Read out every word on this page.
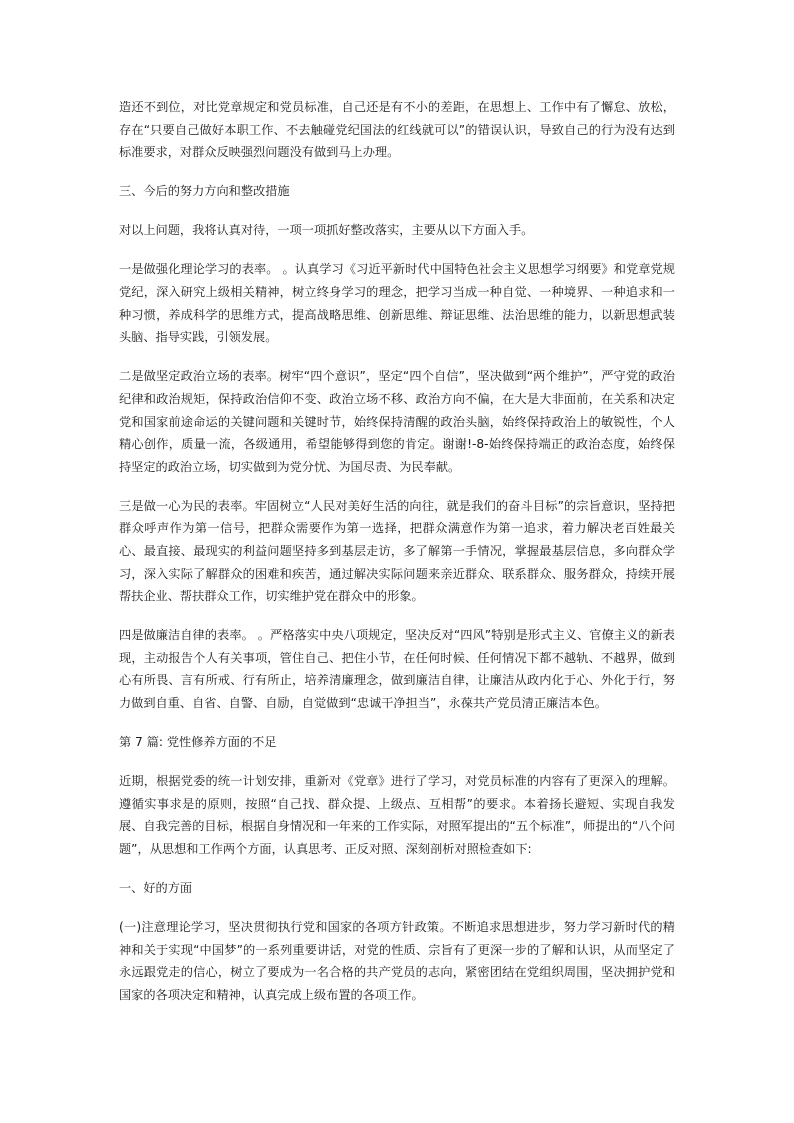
造还不到位，对比党章规定和党员标准，自己还是有不小的差距，在思想上、工作中有了懈怠、放松，存在“只要自己做好本职工作、不去触碰党纪国法的红线就可以”的错误认识，导致自己的行为没有达到标准要求，对群众反映强烈问题没有做到马上办理。

三、今后的努力方向和整改措施

对以上问题，我将认真对待，一项一项抓好整改落实，主要从以下方面入手。

一是做强化理论学习的表率。 。认真学习《习近平新时代中国特色社会主义思想学习纲要》和党章党规党纪，深入研究上级相关精神，树立终身学习的理念，把学习当成一种自觉、一种境界、一种追求和一种习惯，养成科学的思维方式，提高战略思维、创新思维、辩证思维、法治思维的能力，以新思想武装头脑、指导实践，引领发展。

二是做坚定政治立场的表率。树牢“四个意识”，坚定“四个自信”，坚决做到“两个维护”，严守党的政治纪律和政治规矩，保持政治信仰不变、政治立场不移、政治方向不偏，在大是大非面前，在关系和决定党和国家前途命运的关键问题和关键时节，始终保持清醒的政治头脑，始终保持政治上的敏锐性，个人精心创作，质量一流，各级通用，希望能够得到您的肯定。谢谢!-8-始终保持端正的政治态度，始终保持坚定的政治立场，切实做到为党分忧、为国尽责、为民奉献。

三是做一心为民的表率。牢固树立“人民对美好生活的向往，就是我们的奋斗目标”的宗旨意识，坚持把群众呼声作为第一信号，把群众需要作为第一选择，把群众满意作为第一追求，着力解决老百姓最关心、最直接、最现实的利益问题坚持多到基层走访，多了解第一手情况，掌握最基层信息，多向群众学习，深入实际了解群众的困难和疾苦，通过解决实际问题来亲近群众、联系群众、服务群众，持续开展帮扶企业、帮扶群众工作，切实维护党在群众中的形象。

四是做廉洁自律的表率。 。严格落实中央八项规定，坚决反对“四风”特别是形式主义、官僚主义的新表现，主动报告个人有关事项，管住自己、把住小节，在任何时候、任何情况下都不越轨、不越界，做到心有所畏、言有所戒、行有所止，培养清廉理念，做到廉洁自律，让廉洁从政内化于心、外化于行，努力做到自重、自省、自警、自励，自觉做到“忠诚干净担当”，永葆共产党员清正廉洁本色。

第 7 篇: 党性修养方面的不足

近期，根据党委的统一计划安排，重新对《党章》进行了学习，对党员标准的内容有了更深入的理解。遵循实事求是的原则，按照“自己找、群众提、上级点、互相帮”的要求。本着扬长避短、实现自我发展、自我完善的目标，根据自身情况和一年来的工作实际，对照军提出的“五个标准”，师提出的“八个问题”，从思想和工作两个方面，认真思考、正反对照、深刻剖析对照检查如下:

一、好的方面

(一)注意理论学习，坚决贯彻执行党和国家的各项方针政策。不断追求思想进步，努力学习新时代的精神和关于实现“中国梦”的一系列重要讲话，对党的性质、宗旨有了更深一步的了解和认识，从而坚定了永远跟党走的信心，树立了要成为一名合格的共产党员的志向，紧密团结在党组织周围，坚决拥护党和国家的各项决定和精神，认真完成上级布置的各项工作。
